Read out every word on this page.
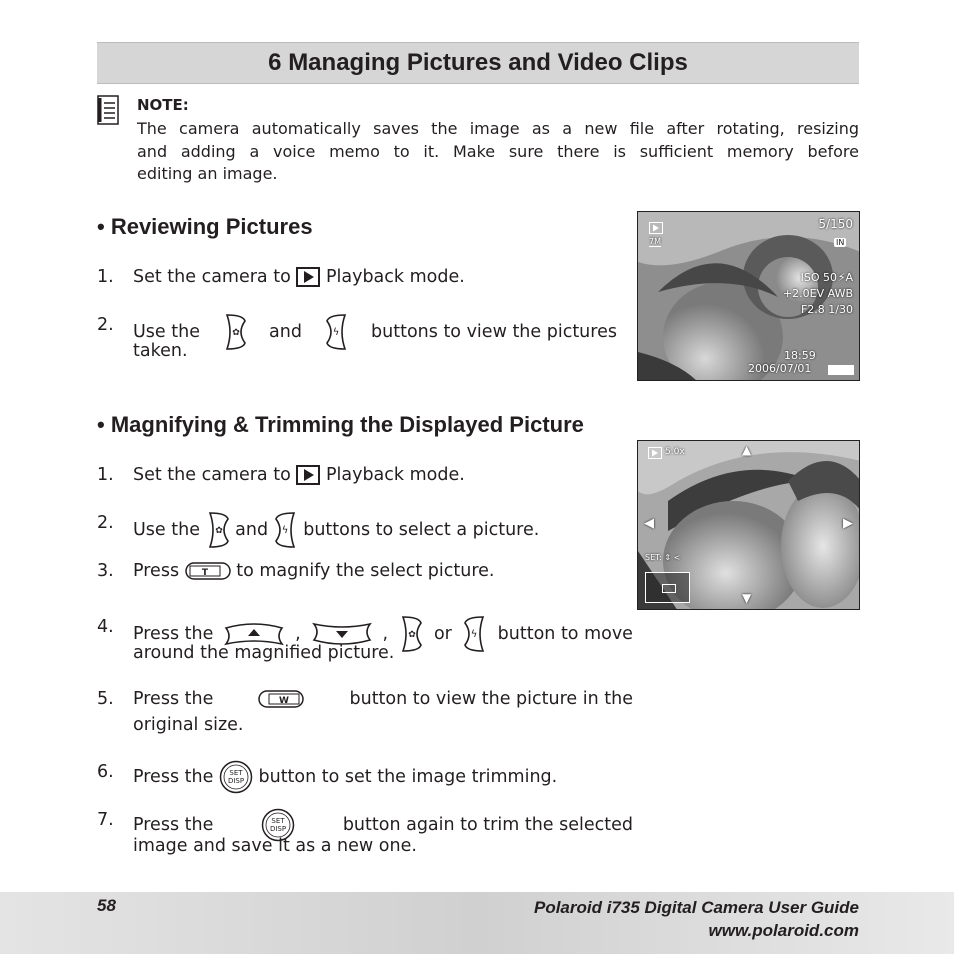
6 Managing Pictures and Video Clips
NOTE:
The camera automatically saves the image as a new file after rotating, resizing
and adding a voice memo to it. Make sure there is sufficient memory before
editing an image.
• Reviewing Pictures
1. Set the camera to Playback mode.
2. Use the	✿ and	ϟ buttons to view the pictures
taken.
5/150
7M	IN
ISO 50 ⚡A
+2.0EV AWB
F2.8 1/30
18:59
2006/07/01
• Magnifying & Trimming the Displayed Picture
5.0x	▲
▼
◀	▶
SET: ⇕ <
1. Set the camera to Playback mode.
2. Use the ✿ and ϟ buttons to select a picture.
3. Press	T to magnify the select picture.
4. Press the	,	, ✿ or ϟ button to move
around the magnified picture.
5. Press the	W	button to view the picture in the
original size.
6. Press the SET
DISP button to set the image trimming.
7. Press the	SET
DISP	button again to trim the selected
image and save it as a new one.
58	Polaroid i735 Digital Camera User Guide
www.polaroid.com
